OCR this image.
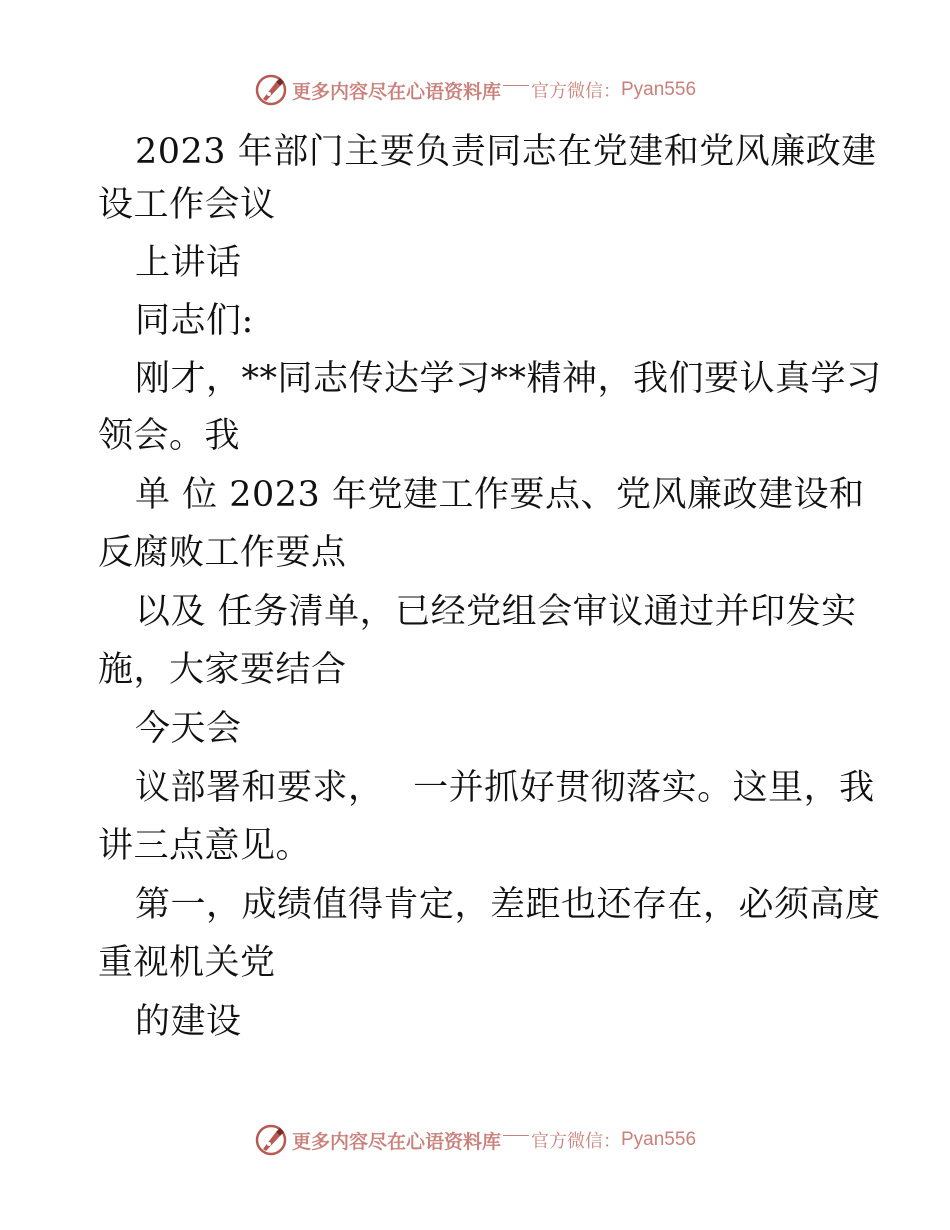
更多内容尽在心语资料库 官方微信： Pyan556
2023 年部门主要负责同志在党建和党风廉政建
设工作会议
上讲话
同志们:
刚才，**同志传达学习**精神，我们要认真学习
领会。我
单 位 2023 年党建工作要点、党风廉政建设和
反腐败工作要点
以及 任务清单，已经党组会审议通过并印发实
施，大家要结合
今天会
议部署和要求，　 一并抓好贯彻落实。这里，我
讲三点意见。
第一，成绩值得肯定，差距也还存在，必须高度
重视机关党
的建设
更多内容尽在心语资料库 官方微信： Pyan556
